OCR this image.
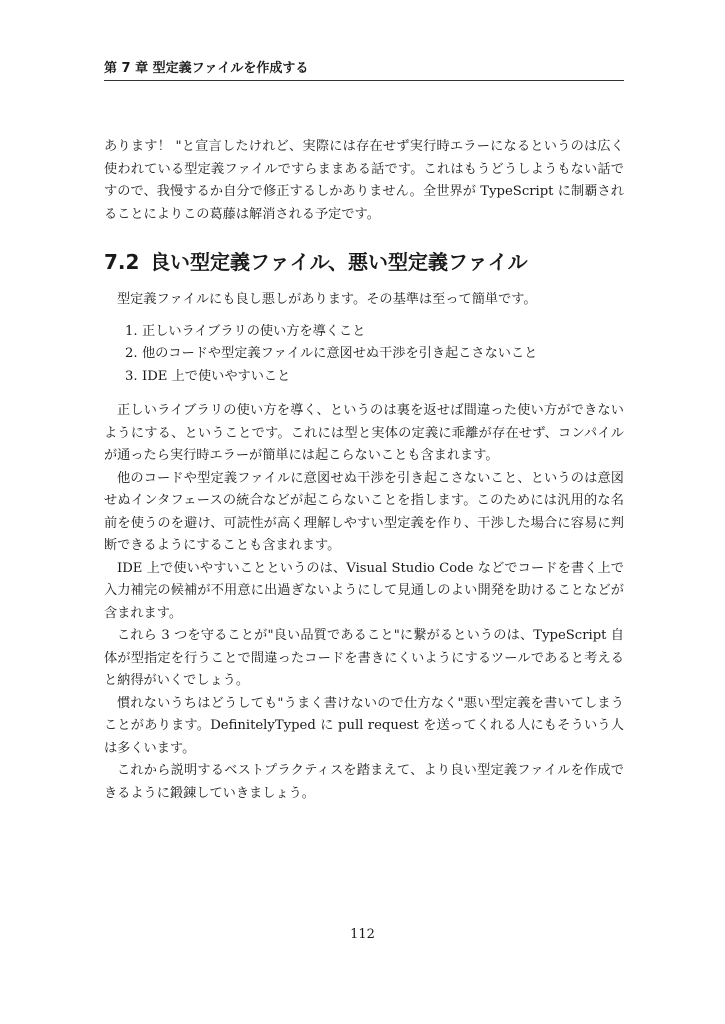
第 7 章 型定義ファイルを作成する

あります！ "と宣言したけれど、実際には存在せず実行時エラーになるというのは広く使われている型定義ファイルですらままある話です。これはもうどうしようもない話ですので、我慢するか自分で修正するしかありません。全世界が TypeScript に制覇されることによりこの葛藤は解消される予定です。

7.2 良い型定義ファイル、悪い型定義ファイル

型定義ファイルにも良し悪しがあります。その基準は至って簡単です。

1. 正しいライブラリの使い方を導くこと
2. 他のコードや型定義ファイルに意図せぬ干渉を引き起こさないこと
3. IDE 上で使いやすいこと

正しいライブラリの使い方を導く、というのは裏を返せば間違った使い方ができないようにする、ということです。これには型と実体の定義に乖離が存在せず、コンパイルが通ったら実行時エラーが簡単には起こらないことも含まれます。

他のコードや型定義ファイルに意図せぬ干渉を引き起こさないこと、というのは意図せぬインタフェースの統合などが起こらないことを指します。このためには汎用的な名前を使うのを避け、可読性が高く理解しやすい型定義を作り、干渉した場合に容易に判断できるようにすることも含まれます。

IDE 上で使いやすいことというのは、Visual Studio Code などでコードを書く上で入力補完の候補が不用意に出過ぎないようにして見通しのよい開発を助けることなどが含まれます。

これら 3 つを守ることが"良い品質であること"に繋がるというのは、TypeScript 自体が型指定を行うことで間違ったコードを書きにくいようにするツールであると考えると納得がいくでしょう。

慣れないうちはどうしても"うまく書けないので仕方なく"悪い型定義を書いてしまうことがあります。DefinitelyTyped に pull request を送ってくれる人にもそういう人は多くいます。

これから説明するベストプラクティスを踏まえて、より良い型定義ファイルを作成できるように鍛錬していきましょう。

112
